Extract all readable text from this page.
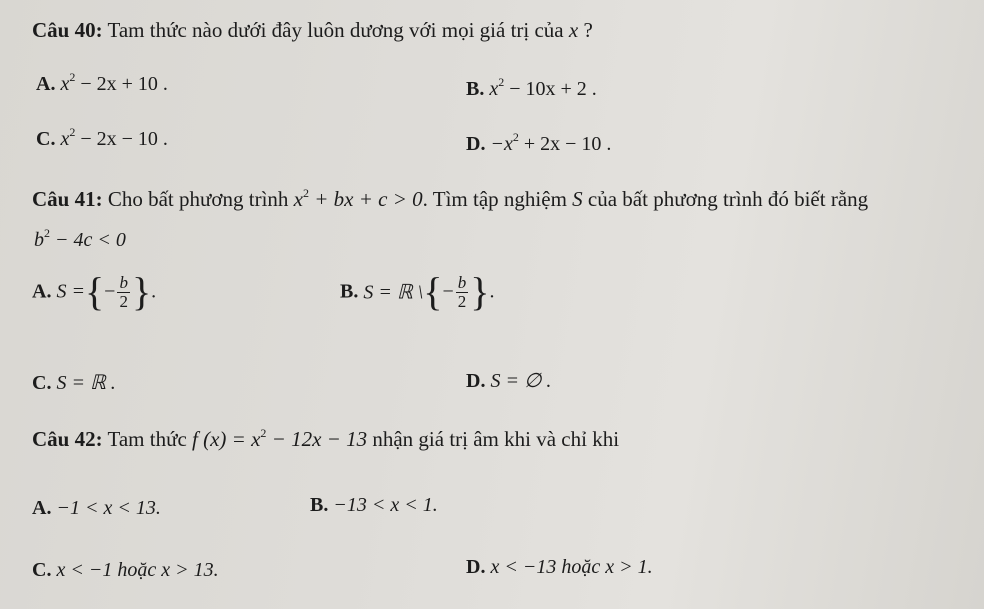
Câu 40: Tam thức nào dưới đây luôn dương với mọi giá trị của x ?
A. $x^2 - 2x + 10$ .	B. $x^2 - 10x + 2$ .
C. $x^2 - 2x - 10$ .	D. $-x^2 + 2x - 10$ .
Câu 41: Cho bất phương trình $x^2$ + bx + c > 0. Tìm tập nghiệm S của bất phương trình đó biết rằng
$b^2 - 4c < 0$
A. S ={− $\frac{b}{2}$ }.	B. S = ℝ \{− $\frac{b}{2}$ }.
C. S = ℝ .	D. S = ∅ .
Câu 42: Tam thức f $(x) = x^2 - 12x - 13$ nhận giá trị âm khi và chỉ khi
A. −1 < x < 13.	B. −13 < x < 1.
C. x < −1 hoặc x > 13.	D. x < −13 hoặc x > 1.
